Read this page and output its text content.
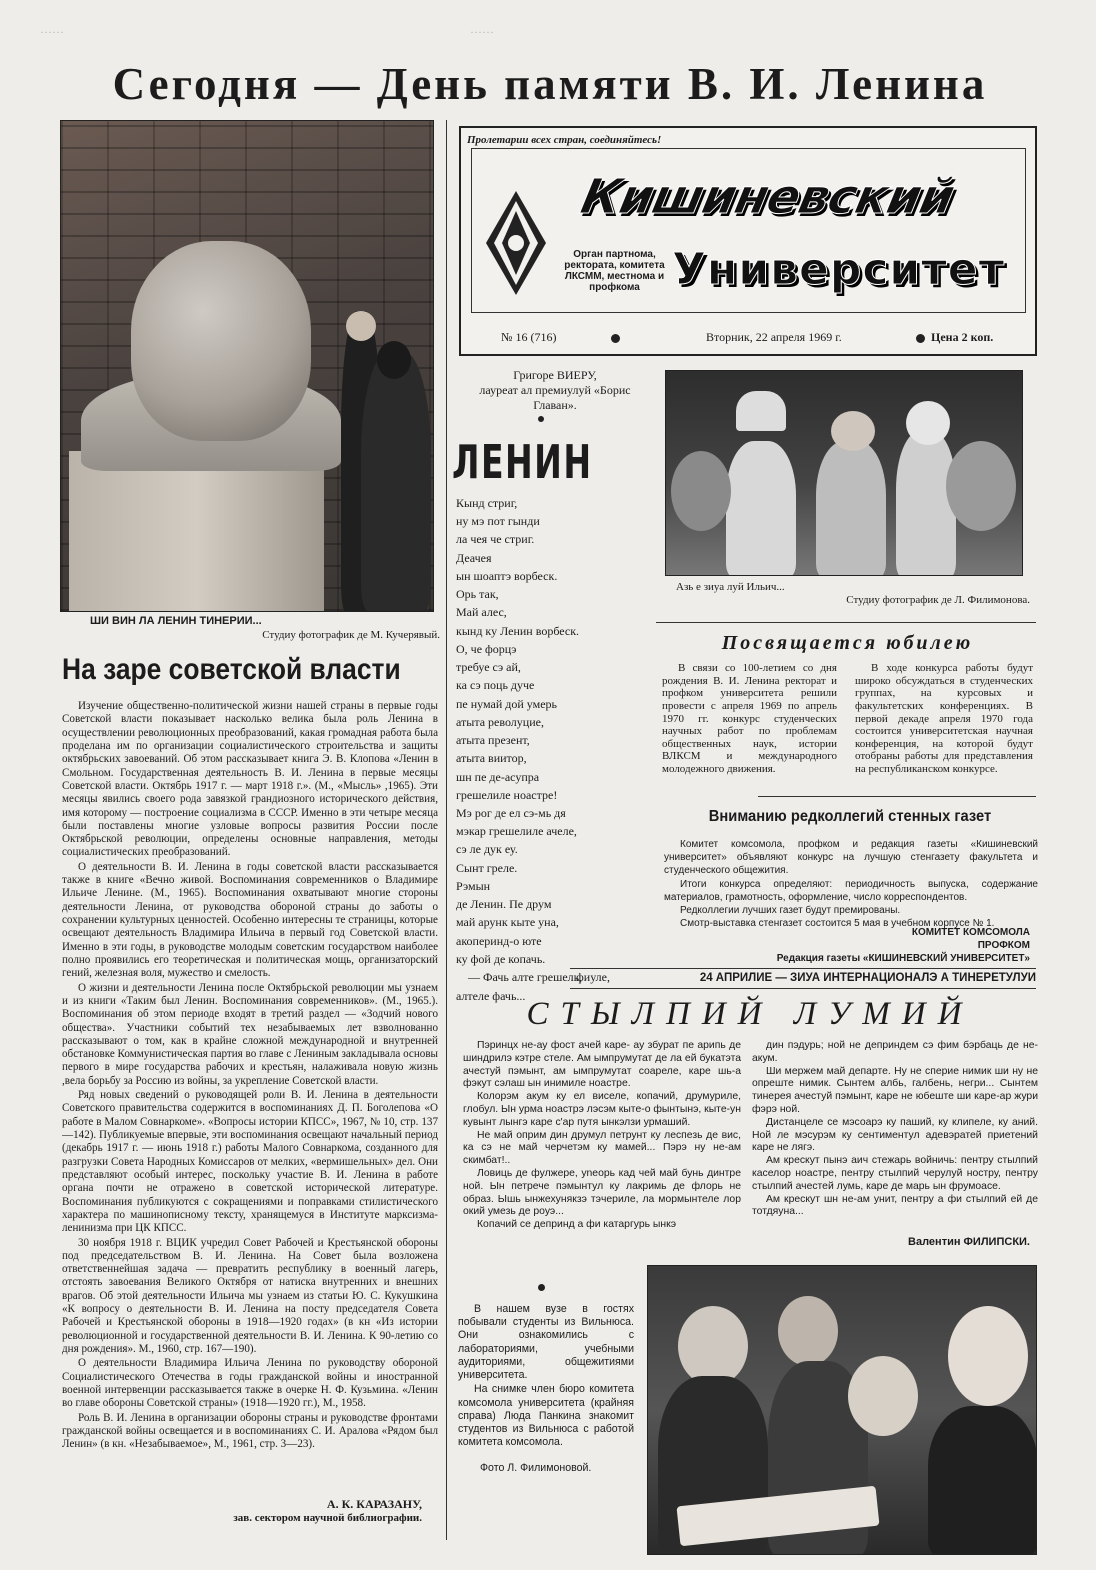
……	……
Сегодня — День памяти В. И. Ленина
ШИ ВИН ЛА ЛЕНИН ТИНЕРИИ...
Студиу фотографик де М. Кучерявый.
На заре советской власти

Изучение общественно-политической жизни нашей страны в первые годы Советской власти показывает насколько велика была роль Ленина в осуществлении революционных преобразований, какая громадная работа была проделана им по организации социалистического строительства и защиты октябрьских завоеваний. Об этом рассказывает книга Э. В. Клопова «Ленин в Смольном. Государственная деятельность В. И. Ленина в первые месяцы Советской власти. Октябрь 1917 г. — март 1918 г.». (М., «Мысль» ,1965). Эти месяцы явились своего рода завязкой грандиозного исторического действия, имя которому — построение социализма в СССР. Именно в эти четыре месяца были поставлены многие узловые вопросы развития России после Октябрьской революции, определены основные направления, методы социалистических преобразований.

О деятельности В. И. Ленина в годы советской власти рассказывается также в книге «Вечно живой. Воспоминания современников о Владимире Ильиче Ленине. (М., 1965). Воспоминания охватывают многие стороны деятельности Ленина, от руководства обороной страны до заботы о сохранении культурных ценностей. Особенно интересны те страницы, которые освещают деятельность Владимира Ильича в первый год Советской власти. Именно в эти годы, в руководстве молодым советским государством наиболее полно проявились его теоретическая и политическая мощь, организаторский гений, железная воля, мужество и смелость.

О жизни и деятельности Ленина после Октябрьской революции мы узнаем и из книги «Таким был Ленин. Воспоминания современников». (М., 1965.). Воспоминания об этом периоде входят в третий раздел — «Зодчий нового общества». Участники событий тех незабываемых лет взволнованно рассказывают о том, как в крайне сложной международной и внутренней обстановке Коммунистическая партия во главе с Лениным закладывала основы первого в мире государства рабочих и крестьян, налаживала новую жизнь ,вела борьбу за Россию из войны, за укрепление Советской власти.

Ряд новых сведений о руководящей роли В. И. Ленина в деятельности Советского правительства содержится в воспоминаниях Д. П. Боголепова «О работе в Малом Совнаркоме». «Вопросы истории КПСС», 1967, № 10, стр. 137—142). Публикуемые впервые, эти воспоминания освещают начальный период (декабрь 1917 г. — июнь 1918 г.) работы Малого Совнаркома, созданного для разгрузки Совета Народных Комиссаров от мелких, «вермишельных» дел. Они представляют особый интерес, поскольку участие В. И. Ленина в работе органа почти не отражено в советской исторической литературе. Воспоминания публикуются с сокращениями и поправками стилистического характера по машинописному тексту, хранящемуся в Институте марксизма-ленинизма при ЦК КПСС.

30 ноября 1918 г. ВЦИК учредил Совет Рабочей и Крестьянской обороны под председательством В. И. Ленина. На Совет была возложена ответственнейшая задача — превратить республику в военный лагерь, отстоять завоевания Великого Октября от натиска внутренних и внешних врагов. Об этой деятельности Ильича мы узнаем из статьи Ю. С. Кукушкина «К вопросу о деятельности В. И. Ленина на посту председателя Совета Рабочей и Крестьянской обороны в 1918—1920 годах» (в кн «Из истории революционной и государственной деятельности В. И. Ленина. К 90-летию со дня рождения». М., 1960, стр. 167—190).

О деятельности Владимира Ильича Ленина по руководству обороной Социалистического Отечества в годы гражданской войны и иностранной военной интервенции рассказывается также в очерке Н. Ф. Кузьмина. «Ленин во главе обороны Советской страны» (1918—1920 гг.), М., 1958.

Роль В. И. Ленина в организации обороны страны и руководстве фронтами гражданской войны освещается и в воспоминаниях С. И. Аралова «Рядом был Ленин» (в кн. «Незабываемое», М., 1961, стр. 3—23).

А. К. КАРАЗАНУ,
зав. сектором научной библиографии.
Пролетарии всех стран, соединяйтесь!
Кишиневский
Орган партнома, ректората, комитета ЛКСММ, местнома и профкома Университет
№ 16 (716)	Вторник, 22 апреля 1969 г.	Цена 2 коп.
Григоре ВИЕРУ,
лауреат ал премиулуй «Борис Главан».
ЛЕНИН
Кынд стриг,
ну мэ пот гынди
ла чея че стриг.
Деачея
ын шоаптэ ворбеск.
Орь так,
Май алес,
кынд ку Ленин ворбеск.
О, че форцэ
требуе сэ ай,
ка сэ поць дуче
пе нумай дой умерь
атыта револуцие,
атыта презент,
атыта виитор,
шн пе де-асупра
грешелиле ноастре!
Мэ рог де ел сэ-мь дя
мэкар грешелиле ачеле,
сэ ле дук еу.
Сынт греле.
Рэмын
де Ленин. Пе друм
май арунк кыте уна,
акоперинд-о юте
ку фой де копачь.
— Фачь алте грешель,
фиуле,
алтеле фачь...
Азь е зиуа луй Ильич...
Студиу фотографик де Л. Филимонова.
Посвящается юбилею
В связи со 100-летием со дня рождения В. И. Ленина ректорат и профком университета решили провести с апреля 1969 по апрель 1970 гг. конкурс студенческих научных работ по проблемам общественных наук, истории ВЛКСМ и международного молодежного движения.
В ходе конкурса работы будут широко обсуждаться в студенческих группах, на курсовых и факультетских конференциях. В первой декаде апреля 1970 года состоится университетская научная конференция, на которой будут отобраны работы для представления на республиканском конкурсе.
Вниманию редколлегий стенных газет

Комитет комсомола, профком и редакция газеты «Кишиневский университет» объявляют конкурс на лучшую стенгазету факультета и студенческого общежития.

Итоги конкурса определяют: периодичность выпуска, содержание материалов, грамотность, оформление, число корреспондентов.

Редколлегии лучших газет будут премированы.

Смотр-выставка стенгазет состоится 5 мая в учебном корпусе № 1.

КОМИТЕТ КОМСОМОЛА
ПРОФКОМ
Редакция газеты «КИШИНЕВСКИЙ УНИВЕРСИТЕТ»
24 АПРИЛИЕ — ЗИУА ИНТЕРНАЦИОНАЛЭ А ТИНЕРЕТУЛУИ
СТЫЛПИЙ ЛУМИЙ

Пэринцх не-ау фост ачей каре- ау збурат пе арипь де шиндрилэ кэтре стеле. Ам ымпрумутат де ла ей букатэта ачестуй пэмынт, ам ымпрумутат соареле, каре шь-а фэкут сэлаш ын инимиле ноастре.

Колорэм акум ку ел виселе, копачий, друмуриле, глобул. Ын урма ноастрэ лэсэм кыте-о фынтынэ, кыте-ун кувынт лынгэ каре с'ар путя ынкэлзи урмаший.

Не май оприм дин друмул петрунт ку леспезь де вис, ка сэ не май черчетэм ку мамей... Пэрэ ну не-ам скимбат!..

Ловиць де фулжере, уneорь кад чей май бунь динтре ной. Ын петрече пэмынтул ку лакримь де флорь не образ. Ышь ынжехунякзэ тэчериле, ла мормынтеле лор окий умезь де роуэ...

Копачий се депринд а фи катаргурь ынкэ

дин пэдурь; ной не деприндем сэ фим бэрбаць де не-акум.

Ши мержем май департе. Ну не сперие нимик ши ну не опреште нимик. Сынтем албь, галбень, негри... Сынтем тинерея ачестуй пэмынт, каре не юбеште ши каре-ар жури фэрэ ной.

Дистанцеле се мэсоарэ ку паший, ку клипеле, ку аний. Ной ле мэсурэм ку сентиментул адевэратей приетений каре не лягэ.

Ам крескут пынэ аич стежарь войничь: пентру стылпий каселор ноастре, пентру стылпий черулуй ностру, пентру стылпий ачестей лумь, каре де марь ын фрумоасе.

Ам крескут шн не-ам унит, пентру а фи стылпий ей де тотдяуна...

Валентин ФИЛИПСКИ.

В нашем вузе в гостях побывали студенты из Вильнюса. Они ознакомились с лабораториями, учебными аудиториями, общежитиями университета.

На снимке член бюро комитета комсомола университета (крайняя справа) Люда Панкина знакомит студентов из Вильнюса с работой комитета комсомола.

Фото Л. Филимоновой.
